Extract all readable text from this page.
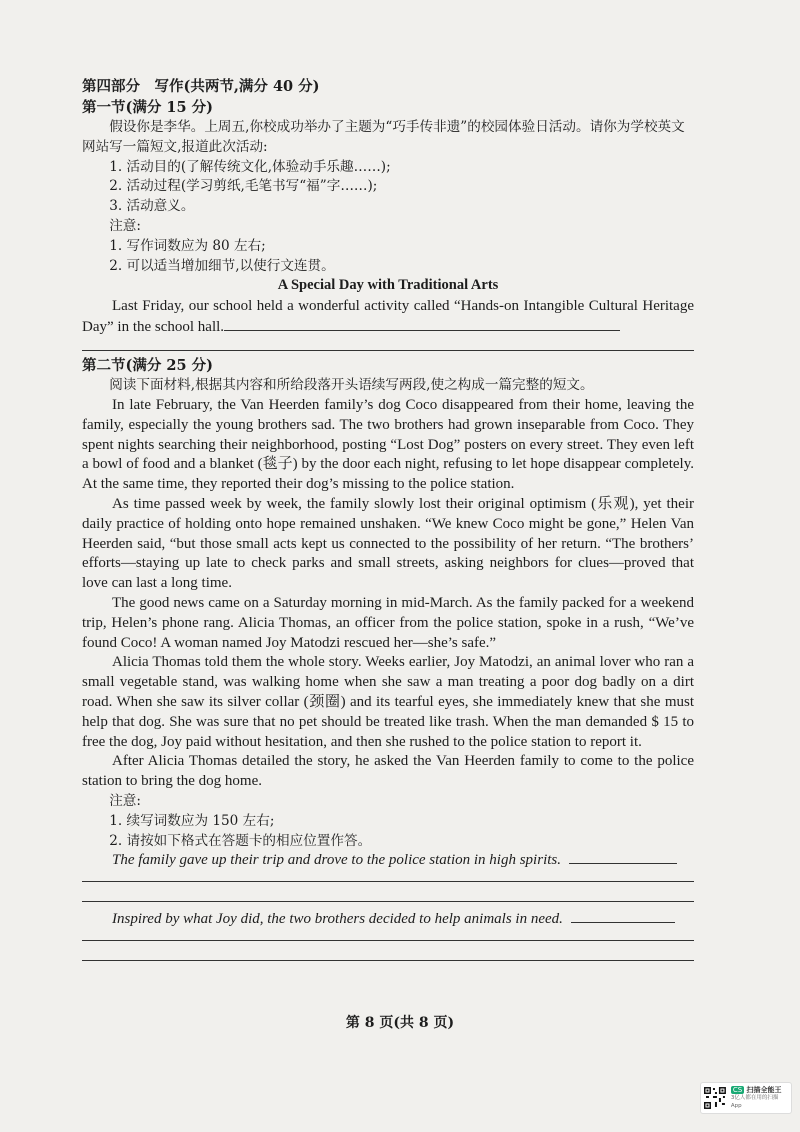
第四部分　写作(共两节,满分 40 分)

第一节(满分 15 分)

假设你是李华。上周五,你校成功举办了主题为“巧手传非遗”的校园体验日活动。请你为学校英文网站写一篇短文,报道此次活动:

1. 活动目的(了解传统文化,体验动手乐趣……);

2. 活动过程(学习剪纸,毛笔书写“福”字……);

3. 活动意义。

注意:

1. 写作词数应为 80 左右;

2. 可以适当增加细节,以使行文连贯。

A Special Day with Traditional Arts

Last Friday, our school held a wonderful activity called “Hands-on Intangible Cultural Heritage Day” in the school hall.

第二节(满分 25 分)

阅读下面材料,根据其内容和所给段落开头语续写两段,使之构成一篇完整的短文。

In late February, the Van Heerden family’s dog Coco disappeared from their home, leaving the family, especially the young brothers sad. The two brothers had grown inseparable from Coco. They spent nights searching their neighborhood, posting “Lost Dog” posters on every street. They even left a bowl of food and a blanket (毯子) by the door each night, refusing to let hope disappear completely. At the same time, they reported their dog’s missing to the police station.

As time passed week by week, the family slowly lost their original optimism (乐观), yet their daily practice of holding onto hope remained unshaken. “We knew Coco might be gone,” Helen Van Heerden said, “but those small acts kept us connected to the possibility of her return. “The brothers’ efforts—staying up late to check parks and small streets, asking neighbors for clues—proved that love can last a long time.

The good news came on a Saturday morning in mid-March. As the family packed for a weekend trip, Helen’s phone rang. Alicia Thomas, an officer from the police station, spoke in a rush, “We’ve found Coco! A woman named Joy Matodzi rescued her—she’s safe.”

Alicia Thomas told them the whole story. Weeks earlier, Joy Matodzi, an animal lover who ran a small vegetable stand, was walking home when she saw a man treating a poor dog badly on a dirt road. When she saw its silver collar (颈圈) and its tearful eyes, she immediately knew that she must help that dog. She was sure that no pet should be treated like trash. When the man demanded $ 15 to free the dog, Joy paid without hesitation, and then she rushed to the police station to report it.

After Alicia Thomas detailed the story, he asked the Van Heerden family to come to the police station to bring the dog home.

注意:

1. 续写词数应为 150 左右;

2. 请按如下格式在答题卡的相应位置作答。

The family gave up their trip and drove to the police station in high spirits.

Inspired by what Joy did, the two brothers decided to help animals in need.

第 8 页(共 8 页)
CS 扫描全能王
3亿人都在用的扫描App
